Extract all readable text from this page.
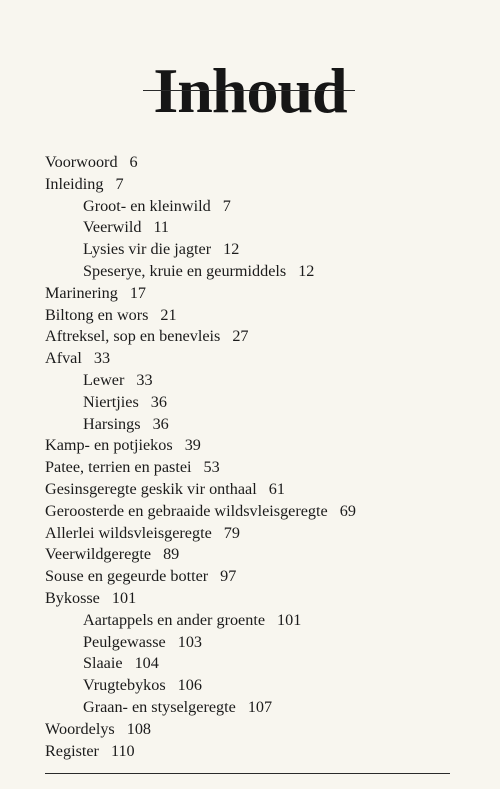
Inhoud
Voorwoord 6
Inleiding 7
Groot- en kleinwild 7
Veerwild 11
Lysies vir die jagter 12
Speserye, kruie en geurmiddels 12
Marinering 17
Biltong en wors 21
Aftreksel, sop en benevleis 27
Afval 33
Lewer 33
Niertjies 36
Harsings 36
Kamp- en potjiekos 39
Patee, terrien en pastei 53
Gesinsgeregte geskik vir onthaal 61
Geroosterde en gebraaide wildsvleisgeregte 69
Allerlei wildsvleisgeregte 79
Veerwildgeregte 89
Souse en gegeurde botter 97
Bykosse 101
Aartappels en ander groente 101
Peulgewasse 103
Slaaie 104
Vrugtebykos 106
Graan- en styselgeregte 107
Woordelys 108
Register 110
